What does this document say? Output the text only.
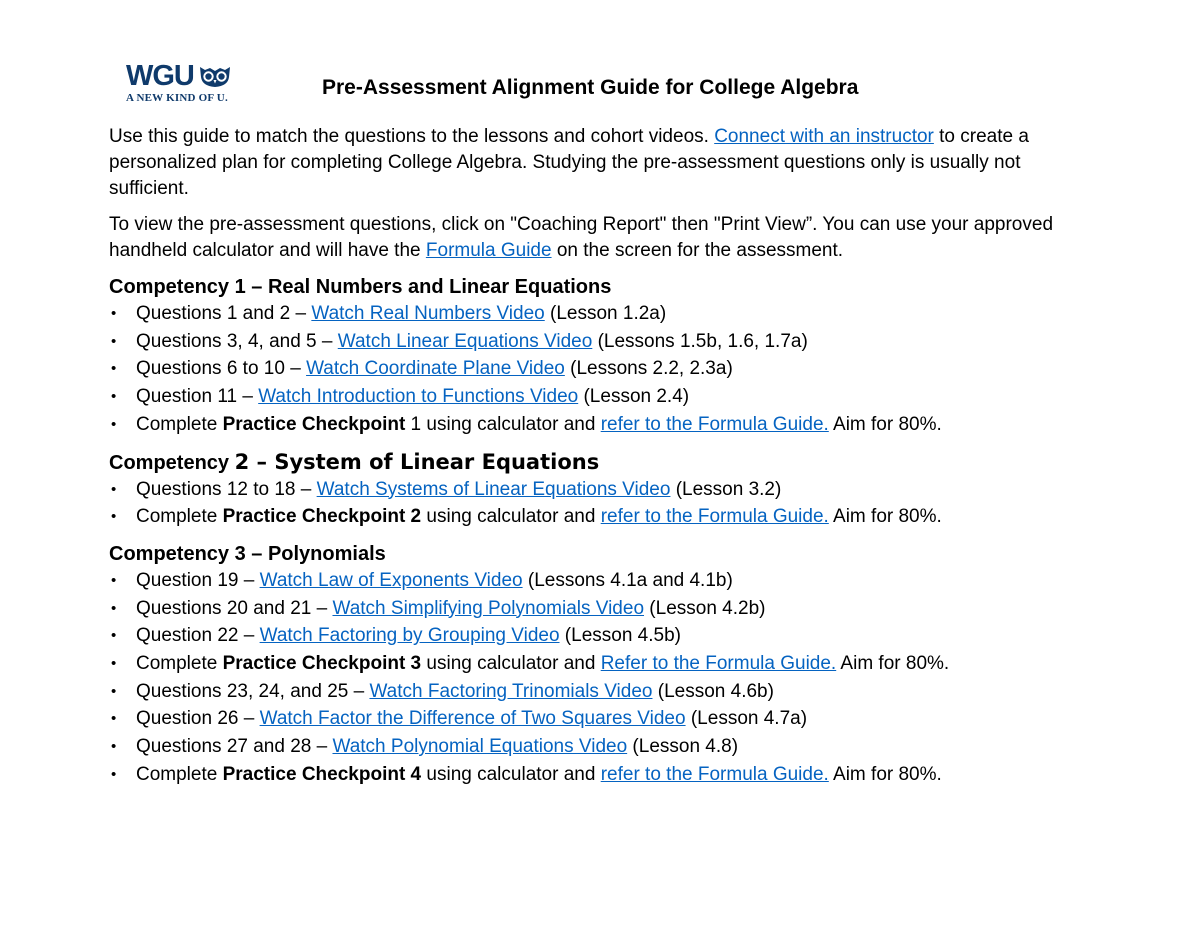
WGU
A NEW KIND OF U.	Pre-Assessment Alignment Guide for College Algebra

Use this guide to match the questions to the lessons and cohort videos. Connect with an instructor to create a personalized plan for completing College Algebra. Studying the pre-assessment questions only is usually not sufficient.

To view the pre-assessment questions, click on "Coaching Report" then "Print View”. You can use your approved handheld calculator and will have the Formula Guide on the screen for the assessment.

Competency 1 – Real Numbers and Linear Equations
• Questions 1 and 2 – Watch Real Numbers Video (Lesson 1.2a)
• Questions 3, 4, and 5 – Watch Linear Equations Video (Lessons 1.5b, 1.6, 1.7a)
• Questions 6 to 10 – Watch Coordinate Plane Video (Lessons 2.2, 2.3a)
• Question 11 – Watch Introduction to Functions Video (Lesson 2.4)
• Complete Practice Checkpoint 1 using calculator and refer to the Formula Guide. Aim for 80%.
Competency 2 – System of Linear Equations
• Questions 12 to 18 – Watch Systems of Linear Equations Video (Lesson 3.2)
• Complete Practice Checkpoint 2 using calculator and refer to the Formula Guide. Aim for 80%.
Competency 3 – Polynomials
• Question 19 – Watch Law of Exponents Video (Lessons 4.1a and 4.1b)
• Questions 20 and 21 – Watch Simplifying Polynomials Video (Lesson 4.2b)
• Question 22 – Watch Factoring by Grouping Video (Lesson 4.5b)
• Complete Practice Checkpoint 3 using calculator and Refer to the Formula Guide. Aim for 80%.
• Questions 23, 24, and 25 – Watch Factoring Trinomials Video (Lesson 4.6b)
• Question 26 – Watch Factor the Difference of Two Squares Video (Lesson 4.7a)
• Questions 27 and 28 – Watch Polynomial Equations Video (Lesson 4.8)
• Complete Practice Checkpoint 4 using calculator and refer to the Formula Guide. Aim for 80%.
